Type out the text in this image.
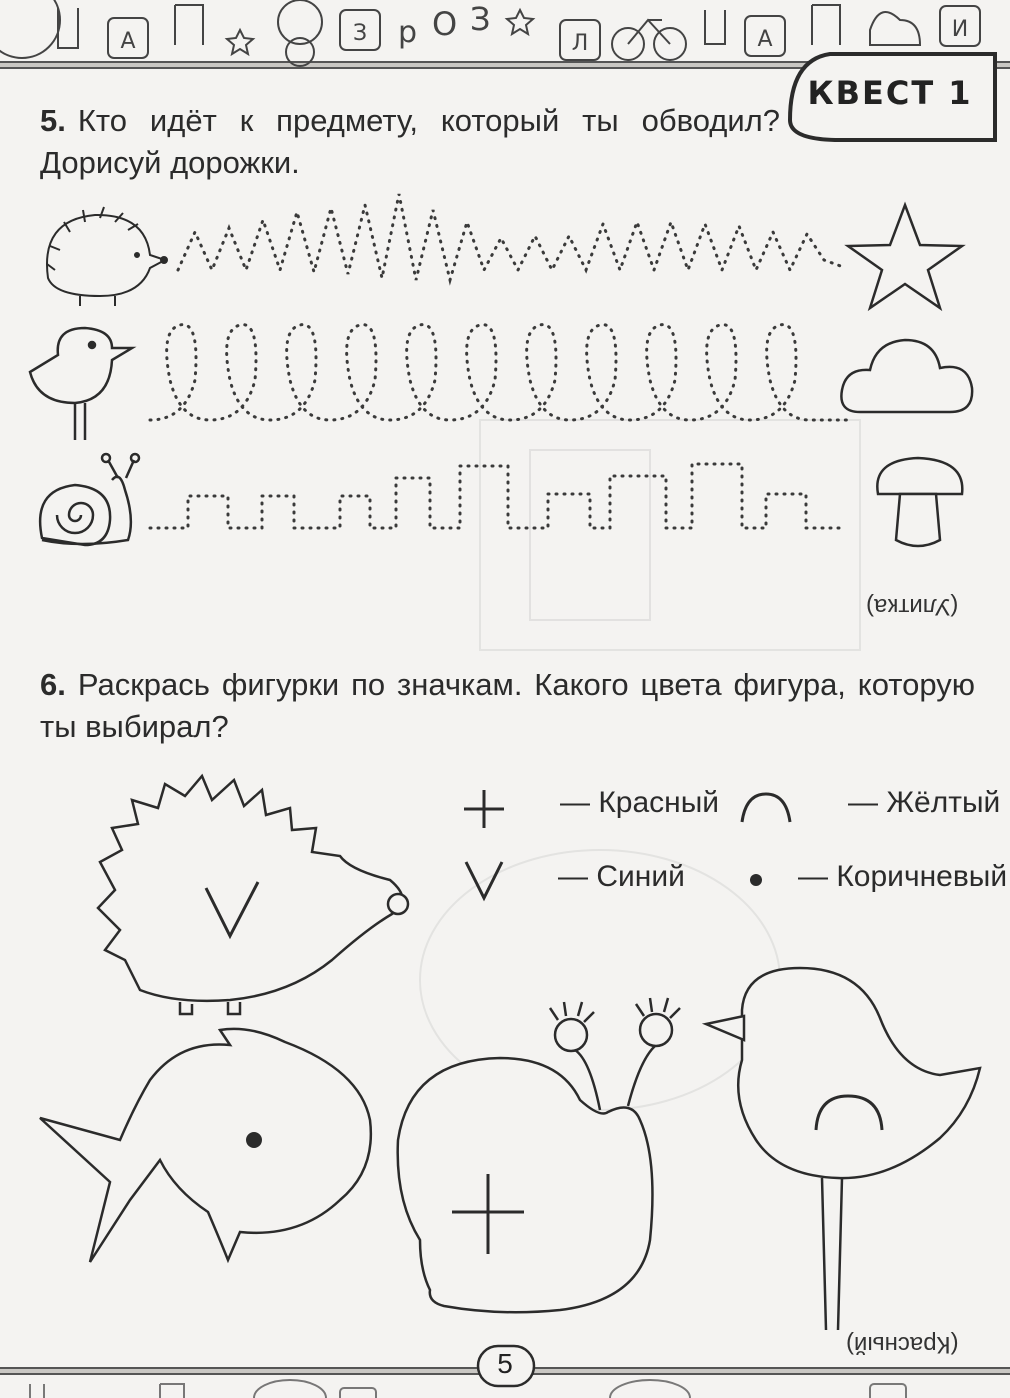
А	З р О З
Л	А	И
КВЕСТ 1
5. Кто идёт к предмету, который ты обводил? Дорисуй дорожки.
(Улитка)
6. Раскрась фигурки по значкам. Какого цвета фигура, которую ты выбирал?
— Красный	— Жёлтый
— Синий	— Коричневый
(Красный)
5
